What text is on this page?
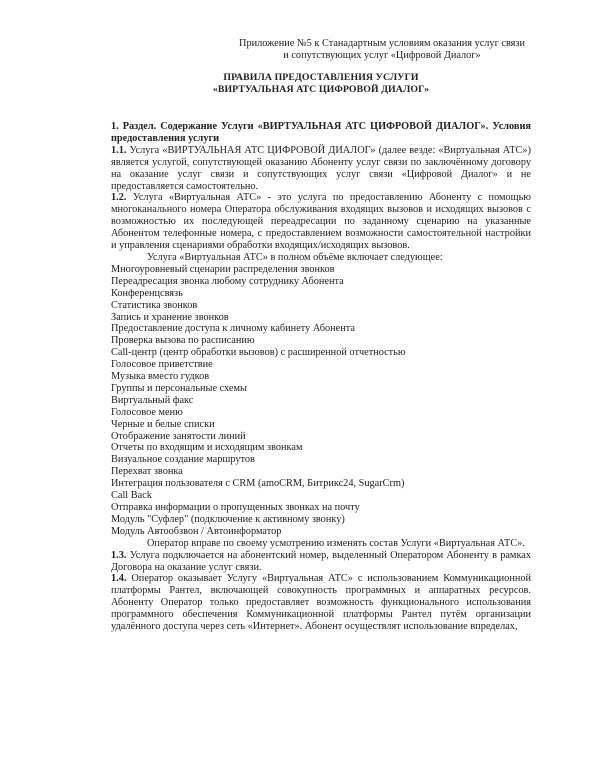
Приложение №5 к Станадартным условиям оказания услуг связи
и сопутствующих услуг «Цифровой Диалог»
ПРАВИЛА ПРЕДОСТАВЛЕНИЯ УСЛУГИ
«ВИРТУАЛЬНАЯ АТС ЦИФРОВОЙ ДИАЛОГ»

1. Раздел. Содержание Услуги «ВИРТУАЛЬНАЯ АТС ЦИФРОВОЙ ДИАЛОГ». Условия предоставления услуги

1.1. Услуга «ВИРТУАЛЬНАЯ АТС ЦИФРОВОЙ ДИАЛОГ» (далее везде: «Виртуальная АТС») является услугой, сопутствующей оказанию Абоненту услуг связи по заключённому договору на оказание услуг связи и сопутствующих услуг связи «Цифровой Диалог» и не предоставляется самостоятельно.

1.2. Услуга «Виртуальная АТС» - это услуга по предоставлению Абоненту с помощью многоканального номера Оператора обслуживания входящих вызовов и исходящих вызовов с возможностью их последующей переадресации по заданному сценарию на указанные Абонентом телефонные номера, с предоставлением возможности самостоятельной настройки и управления сценариями обработки входящих/исходящих вызовов.

Услуга «Виртуальная АТС» в полном объёме включает следующее:

Многоуровневый сценарии распределения звонков
Переадресация звонка любому сотруднику Абонента
Конференцсвязь
Статистика звонков
Запись и хранение звонков
Предоставление доступа к личному кабинету Абонента
Проверка вызова по расписанию
Call-центр (центр обработки вызовов) с расширенной отчетностью
Голосовое приветствие
Музыка вместо гудков
Группы и персональные схемы
Виртуальный факс
Голосовое меню
Черные и белые списки
Отображение занятости линий
Отчеты по входящим и исходящим звонкам
Визуальное создание маршрутов
Перехват звонка
Интеграция пользователя с CRM (amoCRM, Битрикс24, SugarCrm)
Call Back
Отправка информации о пропущенных звонках на почту
Модуль "Суфлер" (подключение к активному звонку)
Модуль Автообзвон / Автоинформатор

Оператор вправе по своему усмотрению изменять состав Услуги «Виртуальная АТС».

1.3. Услуга подключается на абонентский номер, выделенный Оператором Абоненту в рамках Договора на оказание услуг связи.

1.4. Оператор оказывает Услугу «Виртуальная АТС» с использованием Коммуникационной платформы Рантел, включающей совокупность программных и аппаратных ресурсов. Абоненту Оператор только предоставляет возможность функционального использования программного обеспечения Коммуникационной платформы Рантел путём организации удалённого доступа через сеть «Интернет». Абонент осуществлят использование впределах,
